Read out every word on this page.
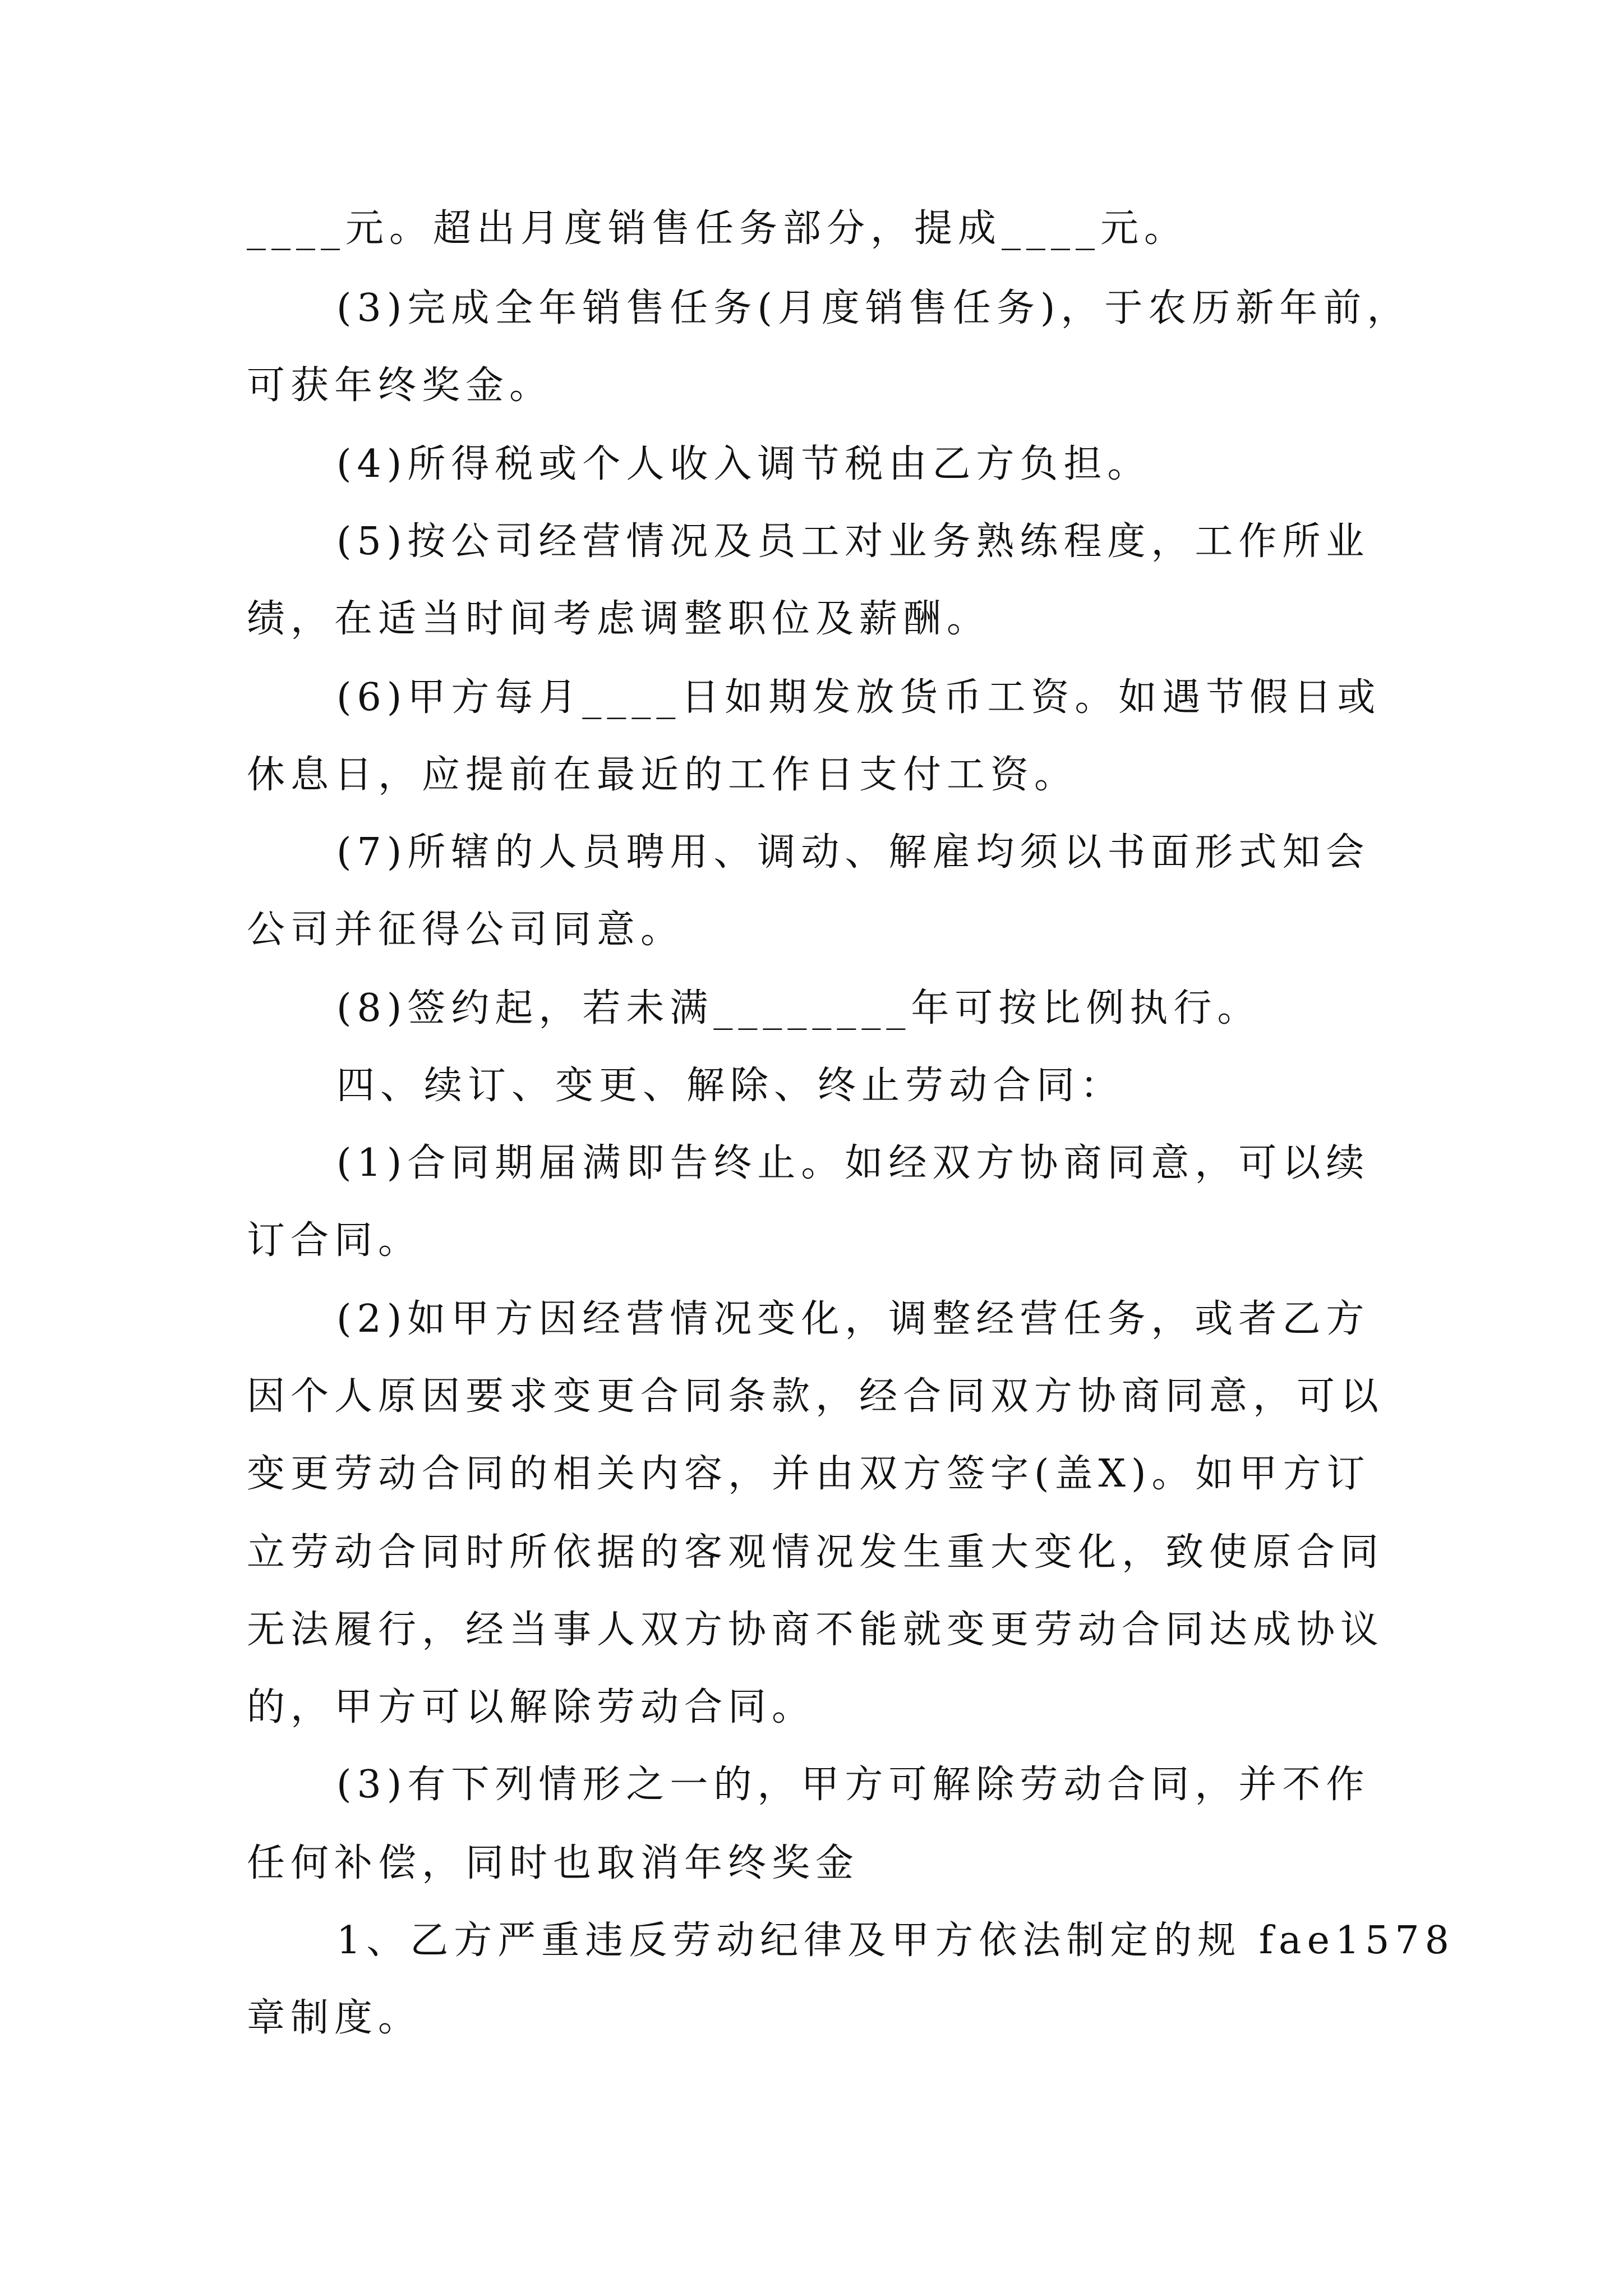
____元。超出月度销售任务部分，提成____元。
(3)完成全年销售任务(月度销售任务)，于农历新年前，
可获年终奖金。
(4)所得税或个人收入调节税由乙方负担。
(5)按公司经营情况及员工对业务熟练程度，工作所业
绩，在适当时间考虑调整职位及薪酬。
(6)甲方每月____日如期发放货币工资。如遇节假日或
休息日，应提前在最近的工作日支付工资。
(7)所辖的人员聘用、调动、解雇均须以书面形式知会
公司并征得公司同意。
(8)签约起，若未满________年可按比例执行。
四、续订、变更、解除、终止劳动合同：
(1)合同期届满即告终止。如经双方协商同意，可以续
订合同。
(2)如甲方因经营情况变化，调整经营任务，或者乙方
因个人原因要求变更合同条款，经合同双方协商同意，可以
变更劳动合同的相关内容，并由双方签字(盖X)。如甲方订
立劳动合同时所依据的客观情况发生重大变化，致使原合同
无法履行，经当事人双方协商不能就变更劳动合同达成协议
的，甲方可以解除劳动合同。
(3)有下列情形之一的，甲方可解除劳动合同，并不作
任何补偿，同时也取消年终奖金
1、乙方严重违反劳动纪律及甲方依法制定的规 fae1578
章制度。
